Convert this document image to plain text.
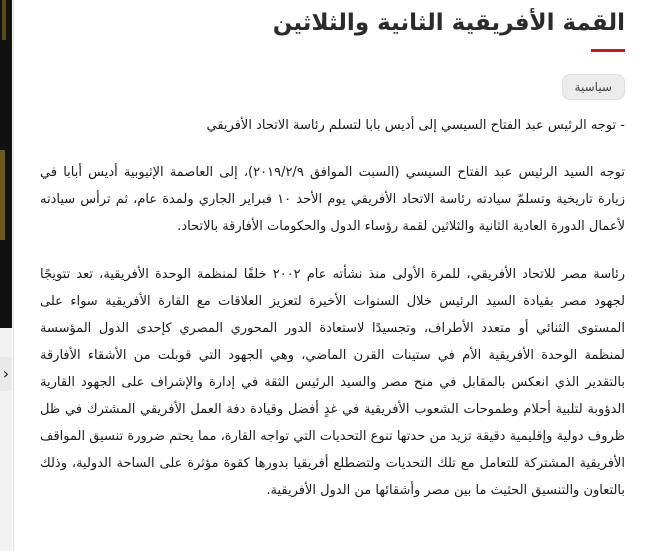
›
القمة الأفريقية الثانية والثلاثين
سياسية

- توجه الرئيس عبد الفتاح السيسي إلى أديس بابا لتسلم رئاسة الاتحاد الأفريقي

توجه السيد الرئيس عبد الفتاح السيسي (السبت الموافق ٢٠١٩/٢/٩)، إلى العاصمة الإثيوبية أديس أبابا في زيارة تاريخية وتسلمّ سيادته رئاسة الاتحاد الأفريقي يوم الأحد ١٠ فبراير الجاري ولمدة عام، ثم ترأس سيادته لأعمال الدورة العادية الثانية والثلاثين لقمة رؤساء الدول والحكومات الأفارقة بالاتحاد.

رئاسة مصر للاتحاد الأفريقي، للمرة الأولى منذ نشأته عام ٢٠٠٢ خلفًا لمنظمة الوحدة الأفريقية، تعد تتويجًا لجهود مصر بقيادة السيد الرئيس خلال السنوات الأخيرة لتعزيز العلاقات مع القارة الأفريقية سواء على المستوى الثنائي أو متعدد الأطراف، وتجسيدًا لاستعادة الدور المحوري المصري كإحدى الدول المؤسسة لمنظمة الوحدة الأفريقية الأم في ستينات القرن الماضي، وهي الجهود التي قوبلت من الأشقاء الأفارقة بالتقدير الذي انعكس بالمقابل في منح مصر والسيد الرئيس الثقة في إدارة والإشراف على الجهود القارية الدؤوبة لتلبية أحلام وطموحات الشعوب الأفريقية في غدٍ أفضل وقيادة دفة العمل الأفريقي المشترك في ظل ظروف دولية وإقليمية دقيقة تزيد من حدتها تنوع التحديات التي تواجه القارة، مما يحتم ضرورة تنسيق المواقف الأفريقية المشتركة للتعامل مع تلك التحديات ولتضطلع أفريقيا بدورها كقوة مؤثرة على الساحة الدولية، وذلك بالتعاون والتنسيق الحثيث ما بين مصر وأشقائها من الدول الأفريقية.
